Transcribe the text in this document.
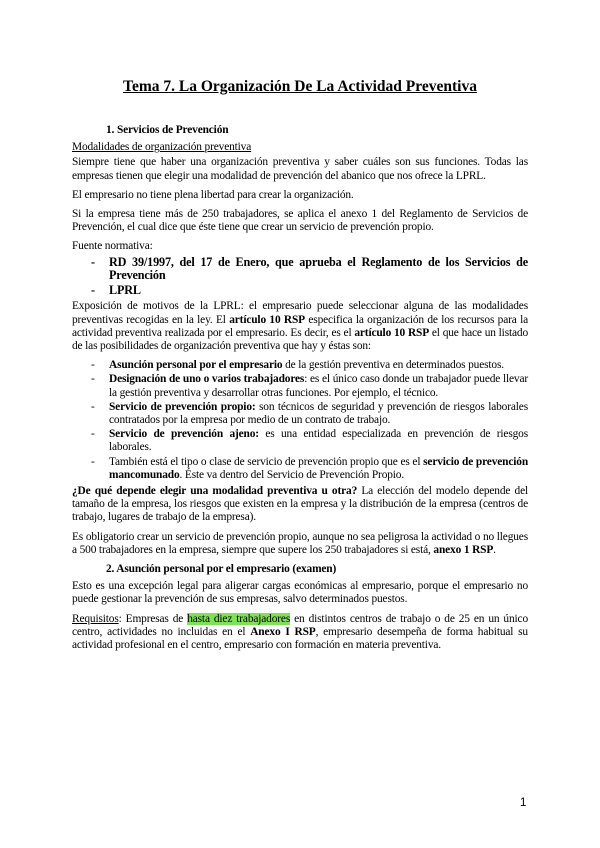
Tema 7. La Organización De La Actividad Preventiva

1. Servicios de Prevención

Modalidades de organización preventiva

Siempre tiene que haber una organización preventiva y saber cuáles son sus funciones. Todas las empresas tienen que elegir una modalidad de prevención del abanico que nos ofrece la LPRL.

El empresario no tiene plena libertad para crear la organización.

Si la empresa tiene más de 250 trabajadores, se aplica el anexo 1 del Reglamento de Servicios de Prevención, el cual dice que éste tiene que crear un servicio de prevención propio.

Fuente normativa:

- RD 39/1997, del 17 de Enero, que aprueba el Reglamento de los Servicios de Prevención
- LPRL

Exposición de motivos de la LPRL: el empresario puede seleccionar alguna de las modalidades preventivas recogidas en la ley. El artículo 10 RSP especifica la organización de los recursos para la actividad preventiva realizada por el empresario. Es decir, es el artículo 10 RSP el que hace un listado de las posibilidades de organización preventiva que hay y éstas son:

- Asunción personal por el empresario de la gestión preventiva en determinados puestos.
- Designación de uno o varios trabajadores: es el único caso donde un trabajador puede llevar la gestión preventiva y desarrollar otras funciones. Por ejemplo, el técnico.
- Servicio de prevención propio: son técnicos de seguridad y prevención de riesgos laborales contratados por la empresa por medio de un contrato de trabajo.
- Servicio de prevención ajeno: es una entidad especializada en prevención de riesgos laborales.
- También está el tipo o clase de servicio de prevención propio que es el servicio de prevención mancomunado. Éste va dentro del Servicio de Prevención Propio.

¿De qué depende elegir una modalidad preventiva u otra? La elección del modelo depende del tamaño de la empresa, los riesgos que existen en la empresa y la distribución de la empresa (centros de trabajo, lugares de trabajo de la empresa).

Es obligatorio crear un servicio de prevención propio, aunque no sea peligrosa la actividad o no llegues a 500 trabajadores en la empresa, siempre que supere los 250 trabajadores si está, anexo 1 RSP.

2. Asunción personal por el empresario (examen)

Esto es una excepción legal para aligerar cargas económicas al empresario, porque el empresario no puede gestionar la prevención de sus empresas, salvo determinados puestos.

Requisitos: Empresas de hasta diez trabajadores en distintos centros de trabajo o de 25 en un único centro, actividades no incluidas en el Anexo I RSP, empresario desempeña de forma habitual su actividad profesional en el centro, empresario con formación en materia preventiva.

1
